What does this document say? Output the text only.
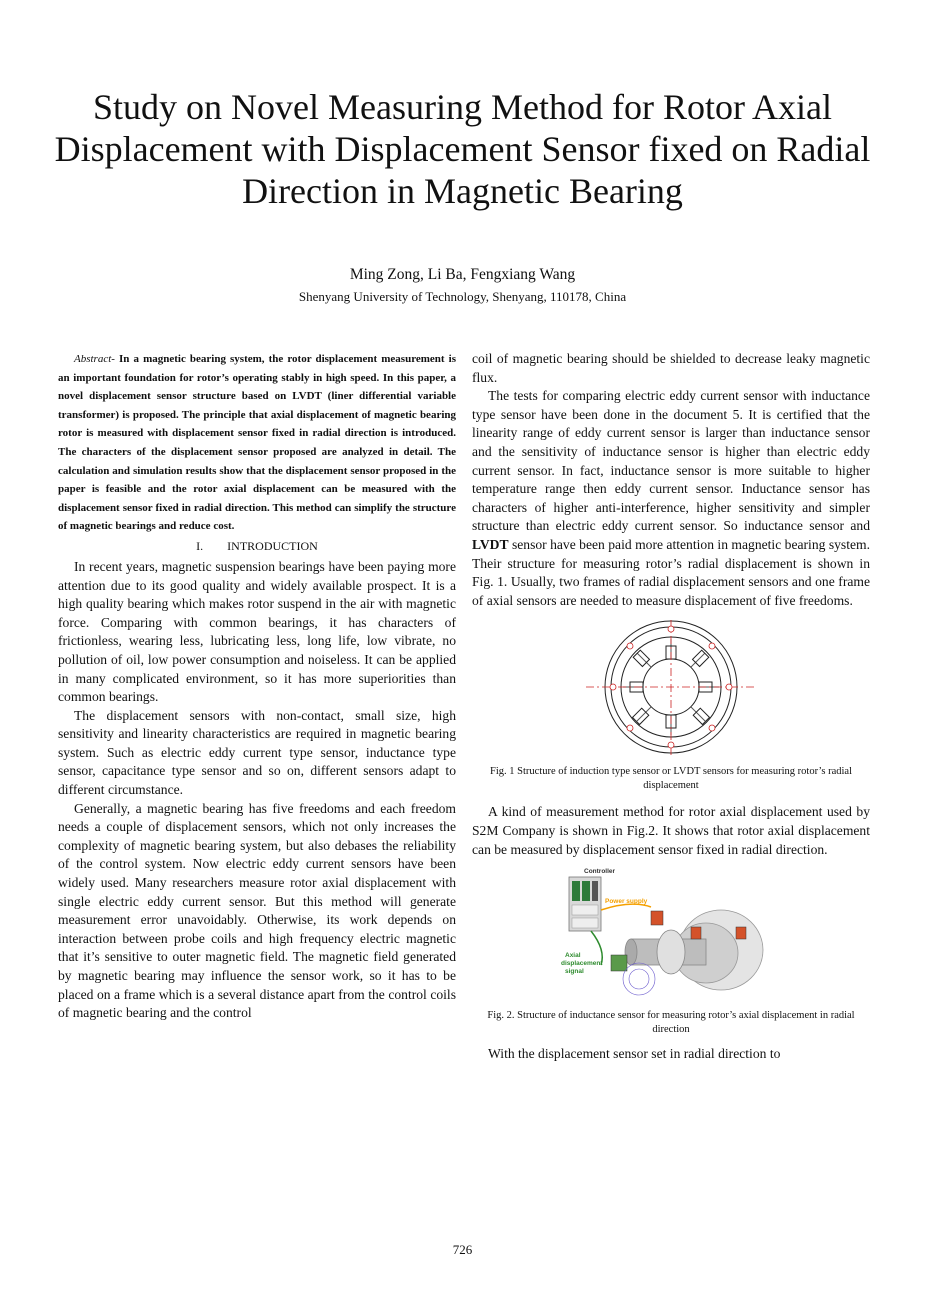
Study on Novel Measuring Method for Rotor Axial Displacement with Displacement Sensor fixed on Radial Direction in Magnetic Bearing
Ming Zong, Li Ba, Fengxiang Wang
Shenyang University of Technology, Shenyang, 110178, China

Abstract- In a magnetic bearing system, the rotor displacement measurement is an important foundation for rotor’s operating stably in high speed. In this paper, a novel displacement sensor structure based on LVDT (liner differential variable transformer) is proposed. The principle that axial displacement of magnetic bearing rotor is measured with displacement sensor fixed in radial direction is introduced. The characters of the displacement sensor proposed are analyzed in detail. The calculation and simulation results show that the displacement sensor proposed in the paper is feasible and the rotor axial displacement can be measured with the displacement sensor fixed in radial direction. This method can simplify the structure of magnetic bearings and reduce cost.

I. INTRODUCTION

In recent years, magnetic suspension bearings have been paying more attention due to its good quality and widely available prospect. It is a high quality bearing which makes rotor suspend in the air with magnetic force. Comparing with common bearings, it has characters of frictionless, wearing less, lubricating less, long life, low vibrate, no pollution of oil, low power consumption and noiseless. It can be applied in many complicated environment, so it has more superiorities than common bearings.

The displacement sensors with non-contact, small size, high sensitivity and linearity characteristics are required in magnetic bearing system. Such as electric eddy current type sensor, inductance type sensor, capacitance type sensor and so on, different sensors adapt to different circumstance.

Generally, a magnetic bearing has five freedoms and each freedom needs a couple of displacement sensors, which not only increases the complexity of magnetic bearing system, but also debases the reliability of the control system. Now electric eddy current sensors have been widely used. Many researchers measure rotor axial displacement with single electric eddy current sensor. But this method will generate measurement error unavoidably. Otherwise, its work depends on interaction between probe coils and high frequency electric magnetic that it’s sensitive to outer magnetic field. The magnetic field generated by magnetic bearing may influence the sensor work, so it has to be placed on a frame which is a several distance apart from the control coils of magnetic bearing and the control

coil of magnetic bearing should be shielded to decrease leaky magnetic flux.

The tests for comparing electric eddy current sensor with inductance type sensor have been done in the document 5. It is certified that the linearity range of eddy current sensor is larger than inductance sensor and the sensitivity of inductance sensor is higher than electric eddy current sensor. In fact, inductance sensor is more suitable to higher temperature range then eddy current sensor. Inductance sensor has characters of higher anti-interference, higher sensitivity and simpler structure than electric eddy current sensor. So inductance sensor and LVDT sensor have been paid more attention in magnetic bearing system. Their structure for measuring rotor’s radial displacement is shown in Fig. 1. Usually, two frames of radial displacement sensors and one frame of axial sensors are needed to measure displacement of five freedoms.

Fig. 1 Structure of induction type sensor or LVDT sensors for measuring rotor’s radial displacement

A kind of measurement method for rotor axial displacement used by S2M Company is shown in Fig.2. It shows that rotor axial displacement can be measured by displacement sensor fixed in radial direction.

Controller
Power supply
Axial
displacement
signal
Fig. 2. Structure of inductance sensor for measuring rotor’s axial displacement in radial direction

With the displacement sensor set in radial direction to

726
